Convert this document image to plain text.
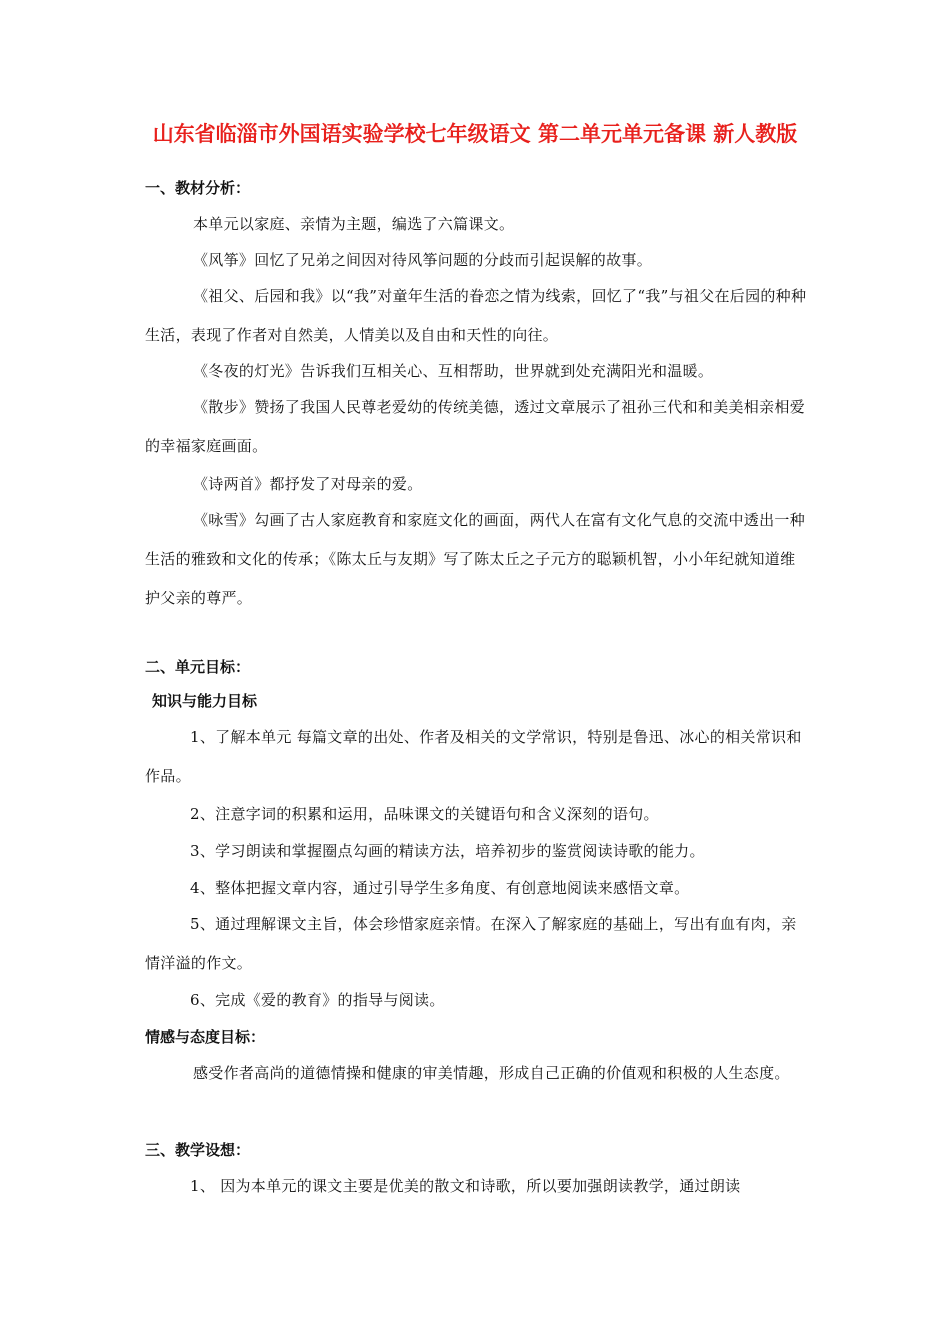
山东省临淄市外国语实验学校七年级语文 第二单元单元备课 新人教版
一、教材分析：
本单元以家庭、亲情为主题，编选了六篇课文。
《风筝》回忆了兄弟之间因对待风筝问题的分歧而引起误解的故事。
《祖父、后园和我》以“我”对童年生活的眷恋之情为线索，回忆了“我”与祖父在后园的种种生活，表现了作者对自然美，人情美以及自由和天性的向往。
《冬夜的灯光》告诉我们互相关心、互相帮助，世界就到处充满阳光和温暖。
《散步》赞扬了我国人民尊老爱幼的传统美德，透过文章展示了祖孙三代和和美美相亲相爱的幸福家庭画面。
《诗两首》都抒发了对母亲的爱。
《咏雪》勾画了古人家庭教育和家庭文化的画面，两代人在富有文化气息的交流中透出一种生活的雅致和文化的传承；《陈太丘与友期》写了陈太丘之子元方的聪颖机智，小小年纪就知道维护父亲的尊严。
二、单元目标：
知识与能力目标
1、了解本单元 每篇文章的出处、作者及相关的文学常识，特别是鲁迅、冰心的相关常识和作品。
2、注意字词的积累和运用，品味课文的关键语句和含义深刻的语句。
3、学习朗读和掌握圈点勾画的精读方法，培养初步的鉴赏阅读诗歌的能力。
4、整体把握文章内容，通过引导学生多角度、有创意地阅读来感悟文章。
5、通过理解课文主旨，体会珍惜家庭亲情。在深入了解家庭的基础上，写出有血有肉，亲情洋溢的作文。
6、完成《爱的教育》的指导与阅读。
情感与态度目标：
感受作者高尚的道德情操和健康的审美情趣，形成自己正确的价值观和积极的人生态度。
三、教学设想：
1、 因为本单元的课文主要是优美的散文和诗歌，所以要加强朗读教学，通过朗读
